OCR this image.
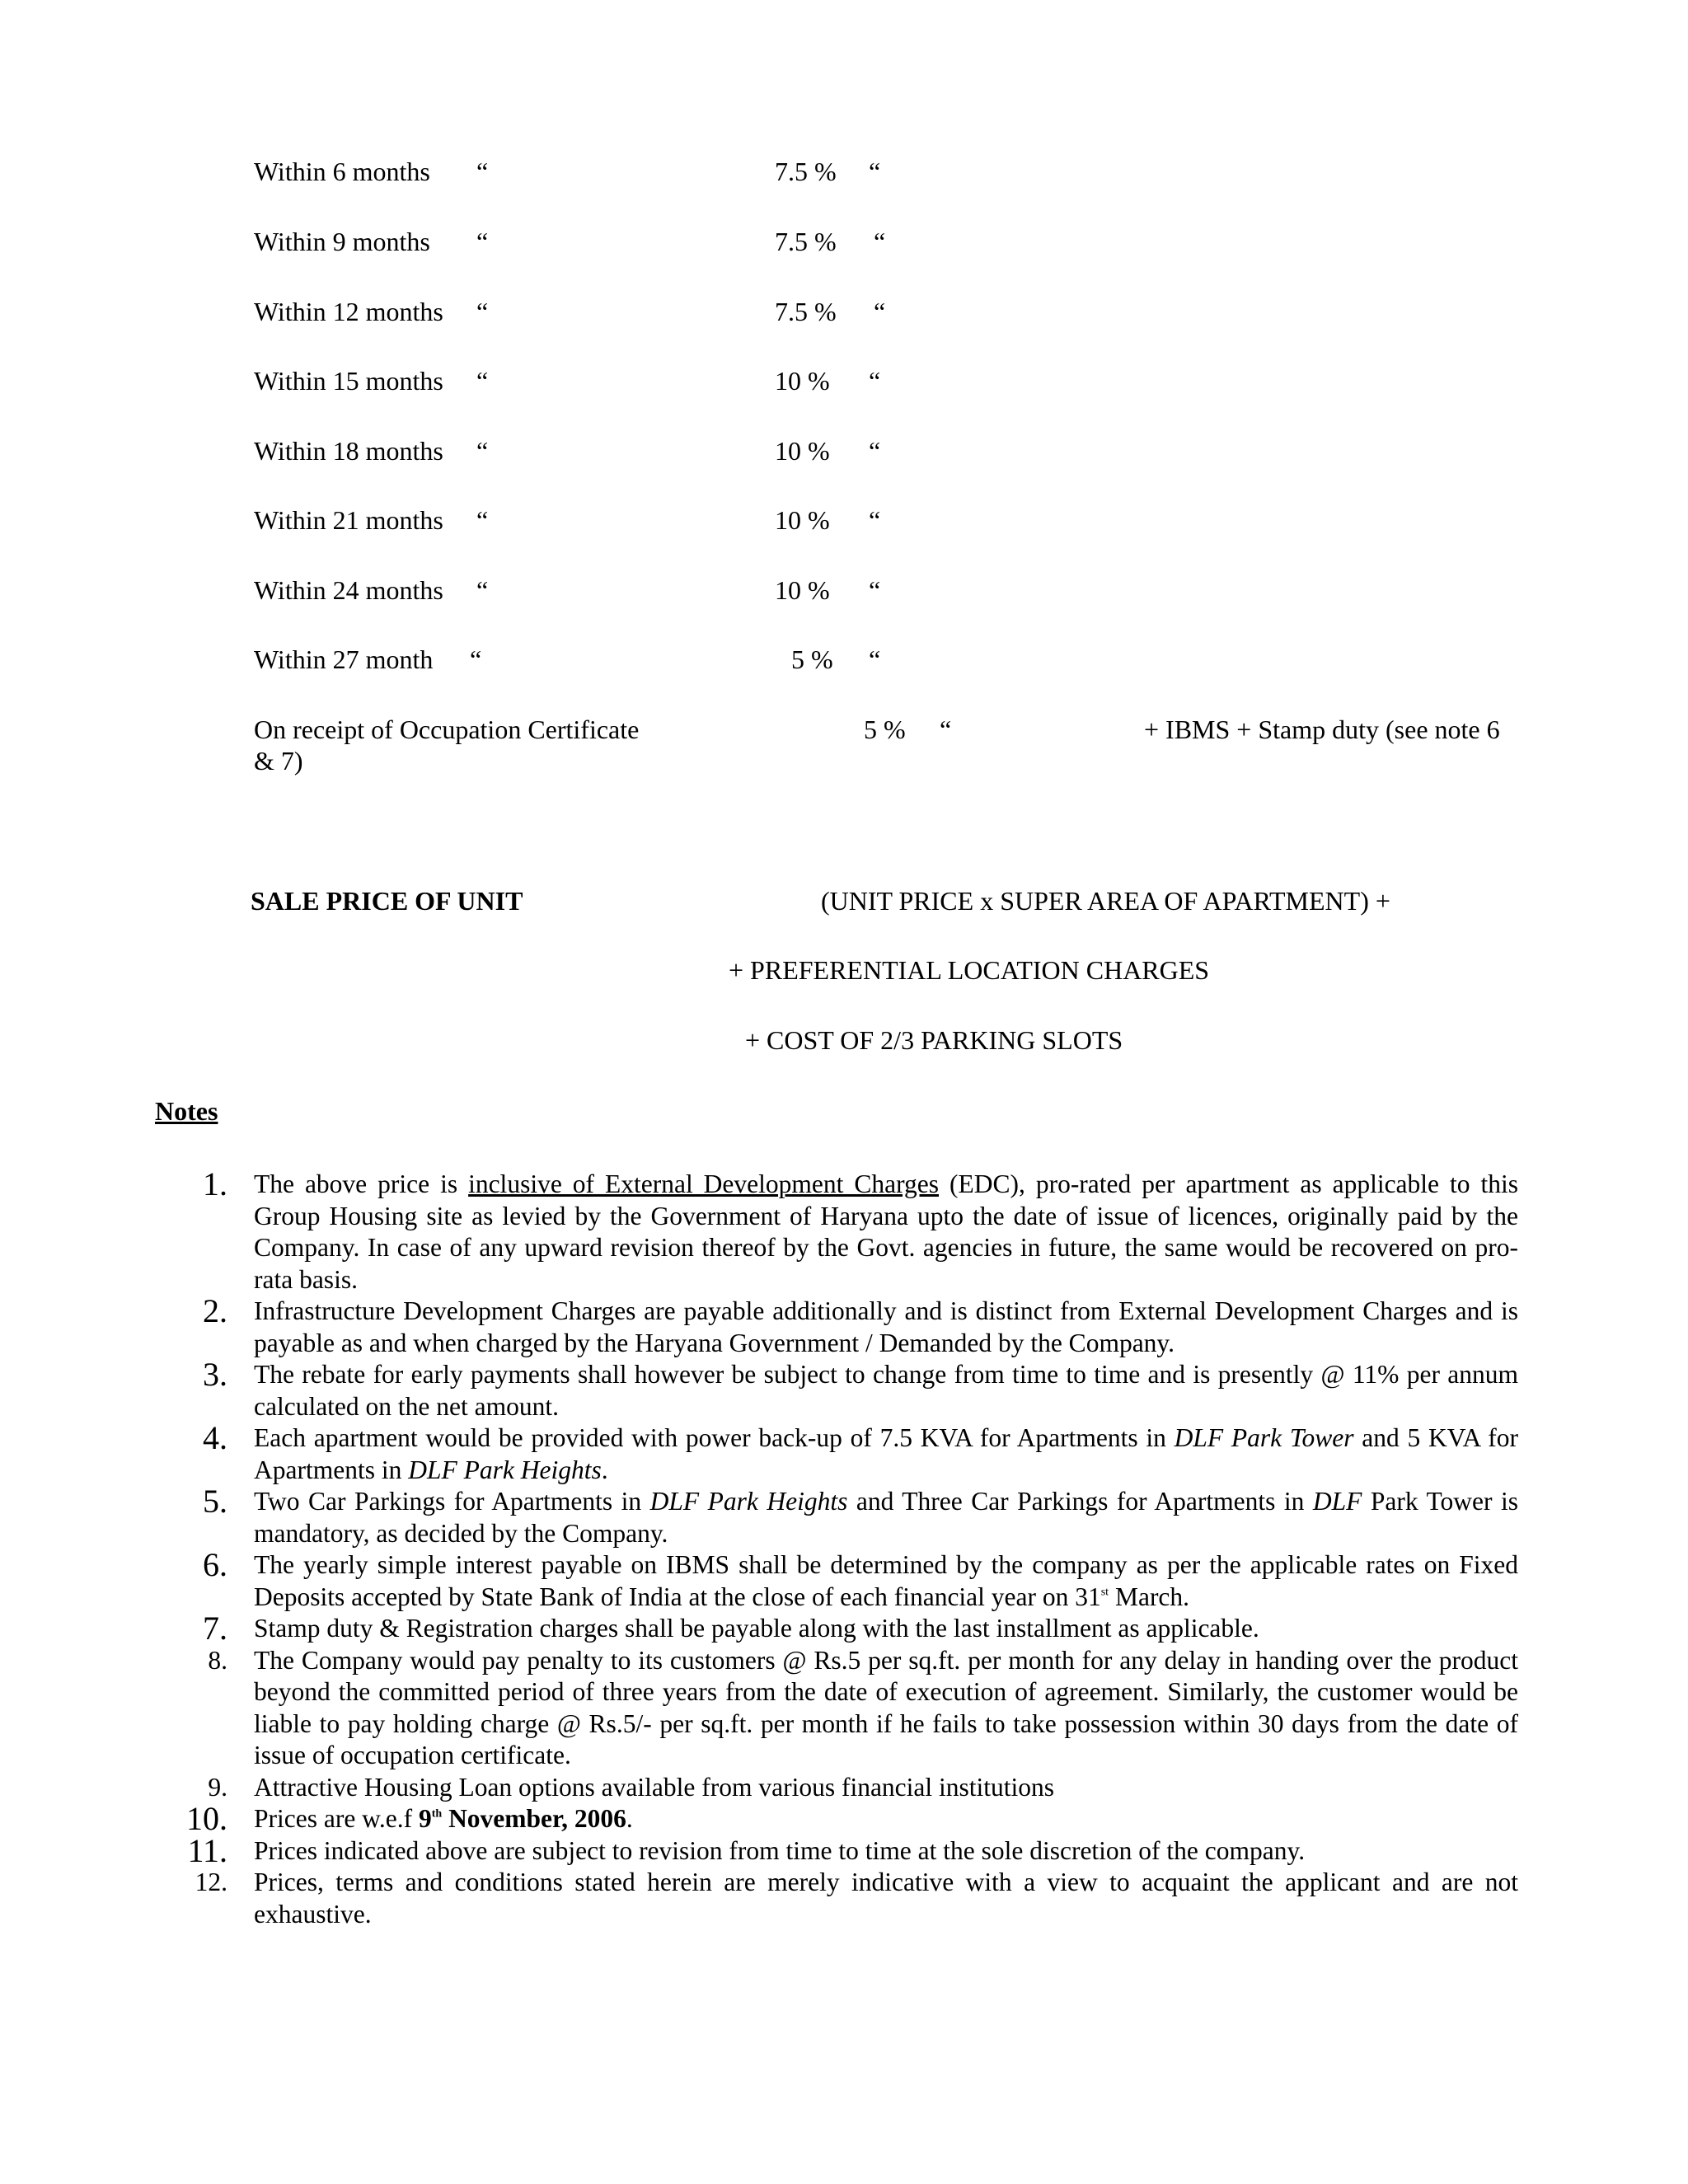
Within 6 months “	7.5 % “
Within 9 months “	7.5 % “
Within 12 months “	7.5 % “
Within 15 months “	10 % “
Within 18 months “	10 % “
Within 21 months “	10 % “
Within 24 months “	10 % “
Within 27 month “	5 % “
On receipt of Occupation Certificate	5 % “	+ IBMS + Stamp duty (see note 6
& 7)
SALE PRICE OF UNIT	(UNIT PRICE x SUPER AREA OF APARTMENT) +
+ PREFERENTIAL LOCATION CHARGES
+ COST OF 2/3 PARKING SLOTS
Notes
1. The above price is inclusive of External Development Charges (EDC), pro-rated per apartment as applicable to this Group Housing site as levied by the Government of Haryana upto the date of issue of licences, originally paid by the Company. In case of any upward revision thereof by the Govt. agencies in future, the same would be recovered on pro-rata basis.
2. Infrastructure Development Charges are payable additionally and is distinct from External Development Charges and is payable as and when charged by the Haryana Government / Demanded by the Company.
3. The rebate for early payments shall however be subject to change from time to time and is presently @ 11% per annum calculated on the net amount.
4. Each apartment would be provided with power back-up of 7.5 KVA for Apartments in DLF Park Tower and 5 KVA for Apartments in DLF Park Heights.
5. Two Car Parkings for Apartments in DLF Park Heights and Three Car Parkings for Apartments in DLF Park Tower is mandatory, as decided by the Company.
6. The yearly simple interest payable on IBMS shall be determined by the company as per the applicable rates on Fixed Deposits accepted by State Bank of India at the close of each financial year on 31st March.
7. Stamp duty & Registration charges shall be payable along with the last installment as applicable.
8. The Company would pay penalty to its customers @ Rs.5 per sq.ft. per month for any delay in handing over the product beyond the committed period of three years from the date of execution of agreement. Similarly, the customer would be liable to pay holding charge @ Rs.5/- per sq.ft. per month if he fails to take possession within 30 days from the date of issue of occupation certificate.
9. Attractive Housing Loan options available from various financial institutions
10. Prices are w.e.f 9th November, 2006.
11. Prices indicated above are subject to revision from time to time at the sole discretion of the company.
12. Prices, terms and conditions stated herein are merely indicative with a view to acquaint the applicant and are not exhaustive.
